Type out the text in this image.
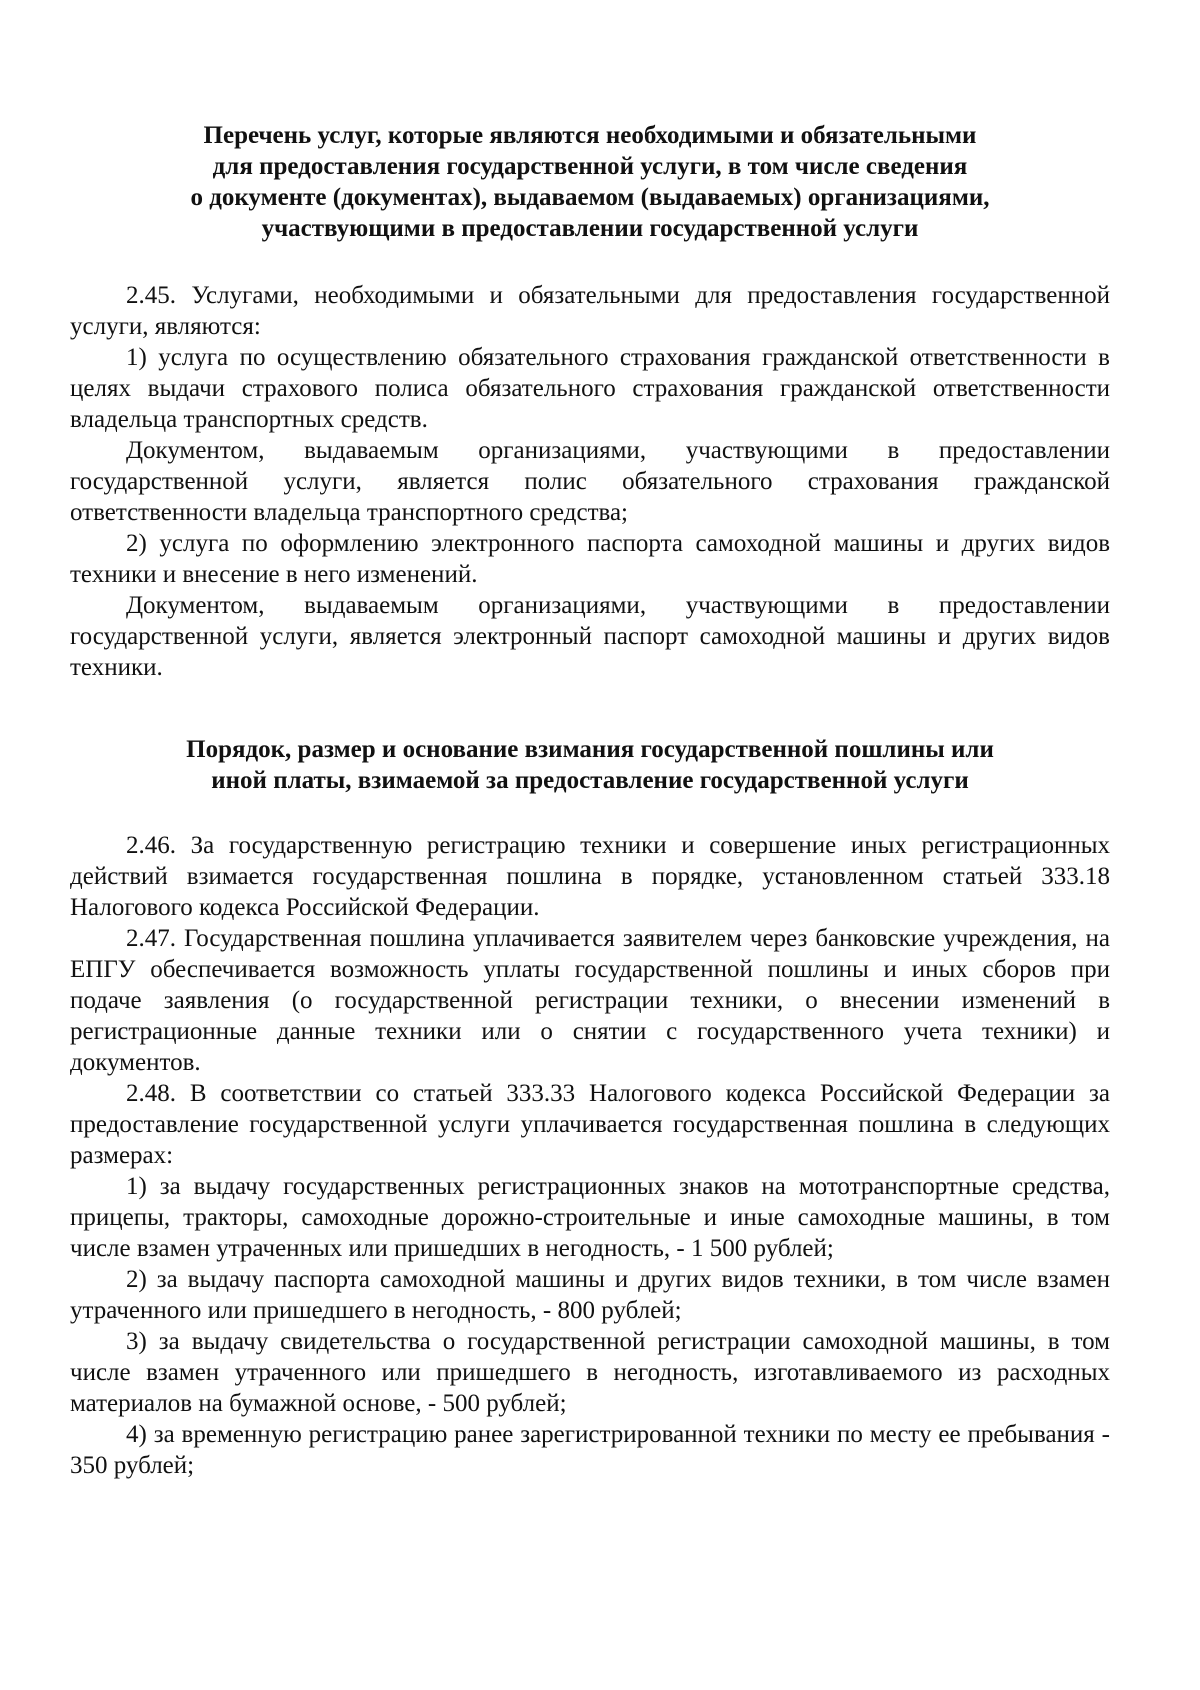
Перечень услуг, которые являются необходимыми и обязательными
для предоставления государственной услуги, в том числе сведения
о документе (документах), выдаваемом (выдаваемых) организациями,
участвующими в предоставлении государственной услуги

2.45. Услугами, необходимыми и обязательными для предоставления государственной услуги, являются:

1) услуга по осуществлению обязательного страхования гражданской ответственности в целях выдачи страхового полиса обязательного страхования гражданской ответственности владельца транспортных средств.

Документом, выдаваемым организациями, участвующими в предоставлении государственной услуги, является полис обязательного страхования гражданской ответственности владельца транспортного средства;

2) услуга по оформлению электронного паспорта самоходной машины и других видов техники и внесение в него изменений.

Документом, выдаваемым организациями, участвующими в предоставлении государственной услуги, является электронный паспорт самоходной машины и других видов техники.

Порядок, размер и основание взимания государственной пошлины или
иной платы, взимаемой за предоставление государственной услуги

2.46. За государственную регистрацию техники и совершение иных регистрационных действий взимается государственная пошлина в порядке, установленном статьей 333.18 Налогового кодекса Российской Федерации.

2.47. Государственная пошлина уплачивается заявителем через банковские учреждения, на ЕПГУ обеспечивается возможность уплаты государственной пошлины и иных сборов при подаче заявления (о государственной регистрации техники, о внесении изменений в регистрационные данные техники или о снятии с государственного учета техники) и документов.

2.48. В соответствии со статьей 333.33 Налогового кодекса Российской Федерации за предоставление государственной услуги уплачивается государственная пошлина в следующих размерах:

1) за выдачу государственных регистрационных знаков на мототранспортные средства, прицепы, тракторы, самоходные дорожно-строительные и иные самоходные машины, в том числе взамен утраченных или пришедших в негодность, - 1 500 рублей;

2) за выдачу паспорта самоходной машины и других видов техники, в том числе взамен утраченного или пришедшего в негодность, - 800 рублей;

3) за выдачу свидетельства о государственной регистрации самоходной машины, в том числе взамен утраченного или пришедшего в негодность, изготавливаемого из расходных материалов на бумажной основе, - 500 рублей;

4) за временную регистрацию ранее зарегистрированной техники по месту ее пребывания - 350 рублей;
